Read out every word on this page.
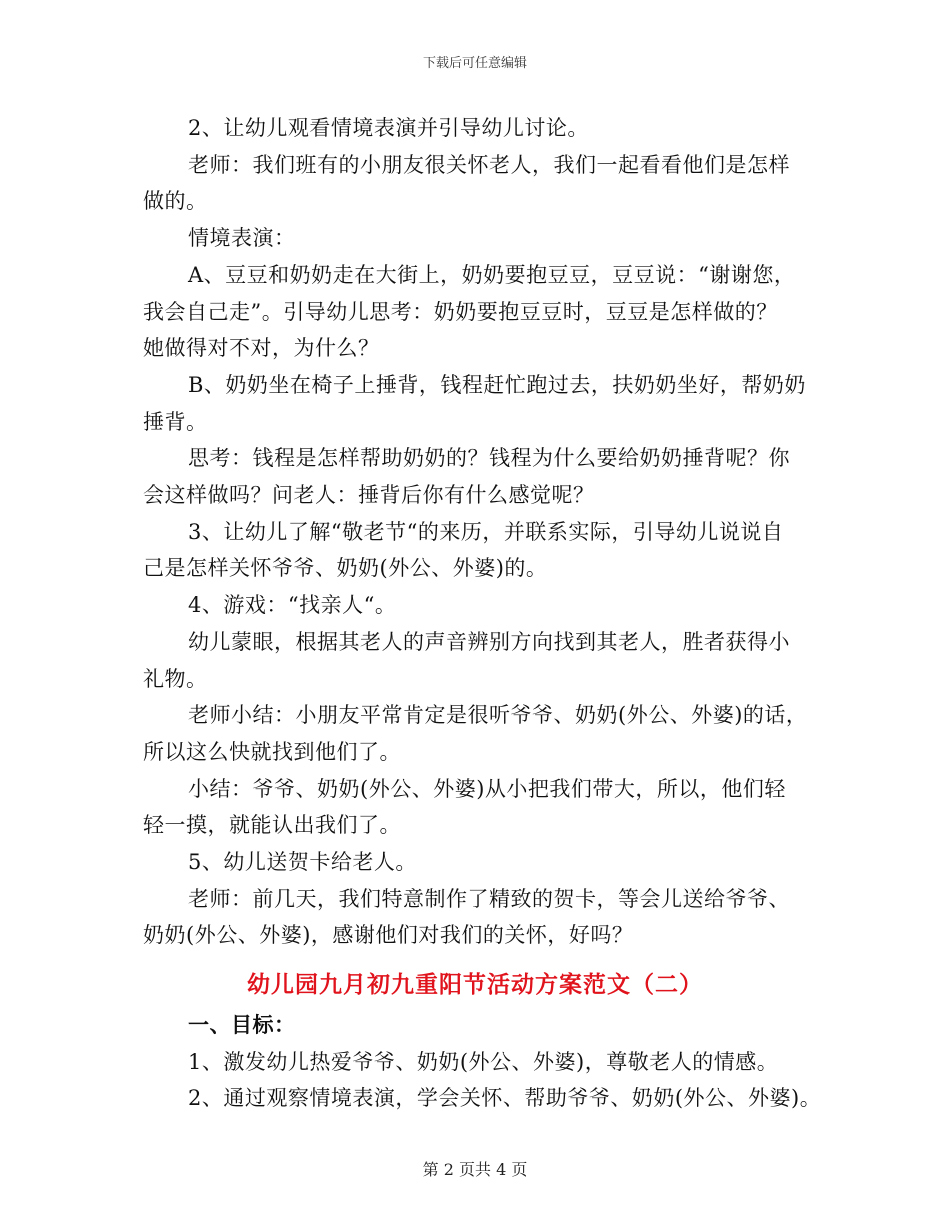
下载后可任意编辑
2、让幼儿观看情境表演并引导幼儿讨论。
老师：我们班有的小朋友很关怀老人，我们一起看看他们是怎样
做的。
情境表演：
A、豆豆和奶奶走在大街上，奶奶要抱豆豆，豆豆说：“谢谢您，
我会自己走”。引导幼儿思考：奶奶要抱豆豆时，豆豆是怎样做的？
她做得对不对，为什么？
B、奶奶坐在椅子上捶背，钱程赶忙跑过去，扶奶奶坐好，帮奶奶
捶背。
思考：钱程是怎样帮助奶奶的？钱程为什么要给奶奶捶背呢？你
会这样做吗？问老人：捶背后你有什么感觉呢？
3、让幼儿了解“敬老节“的来历，并联系实际，引导幼儿说说自
己是怎样关怀爷爷、奶奶(外公、外婆)的。
4、游戏：“找亲人“。
幼儿蒙眼，根据其老人的声音辨别方向找到其老人，胜者获得小
礼物。
老师小结：小朋友平常肯定是很听爷爷、奶奶(外公、外婆)的话，
所以这么快就找到他们了。
小结：爷爷、奶奶(外公、外婆)从小把我们带大，所以，他们轻
轻一摸，就能认出我们了。
5、幼儿送贺卡给老人。
老师：前几天，我们特意制作了精致的贺卡，等会儿送给爷爷、
奶奶(外公、外婆)，感谢他们对我们的关怀，好吗？
幼儿园九月初九重阳节活动方案范文（二）
一、目标：
1、激发幼儿热爱爷爷、奶奶(外公、外婆)，尊敬老人的情感。
2、通过观察情境表演，学会关怀、帮助爷爷、奶奶(外公、外婆)。
第 2 页共 4 页
